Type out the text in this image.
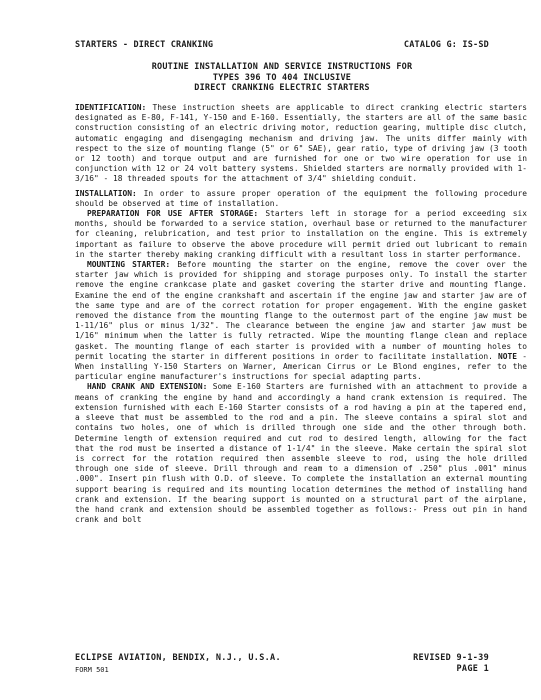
STARTERS - DIRECT CRANKING	CATALOG G: IS-SD
ROUTINE INSTALLATION AND SERVICE INSTRUCTIONS FOR
TYPES 396 TO 404 INCLUSIVE
DIRECT CRANKING ELECTRIC STARTERS

IDENTIFICATION: These instruction sheets are applicable to direct cranking electric starters designated as E-80, F-141, Y-150 and E-160. Essentially, the starters are all of the same basic construction consisting of an electric driving motor, reduction gearing, multiple disc clutch, automatic engaging and disengaging mechanism and driving jaw. The units differ mainly with respect to the size of mounting flange (5" or 6" SAE), gear ratio, type of driving jaw (3 tooth or 12 tooth) and torque output and are furnished for one or two wire operation for use in conjunction with 12 or 24 volt battery systems. Shielded starters are normally provided with 1-3/16" - 18 threaded spouts for the attachment of 3/4" shielding conduit.

INSTALLATION: In order to assure proper operation of the equipment the following procedure should be observed at time of installation.

PREPARATION FOR USE AFTER STORAGE: Starters left in storage for a period exceeding six months, should be forwarded to a service station, overhaul base or returned to the manufacturer for cleaning, relubrication, and test prior to installation on the engine. This is extremely important as failure to observe the above procedure will permit dried out lubricant to remain in the starter thereby making cranking difficult with a resultant loss in starter performance.

MOUNTING STARTER: Before mounting the starter on the engine, remove the cover over the starter jaw which is provided for shipping and storage purposes only. To install the starter remove the engine crankcase plate and gasket covering the starter drive and mounting flange. Examine the end of the engine crankshaft and ascertain if the engine jaw and starter jaw are of the same type and are of the correct rotation for proper engagement. With the engine gasket removed the distance from the mounting flange to the outermost part of the engine jaw must be 1-11/16" plus or minus 1/32". The clearance between the engine jaw and starter jaw must be 1/16" minimum when the latter is fully retracted. Wipe the mounting flange clean and replace gasket. The mounting flange of each starter is provided with a number of mounting holes to permit locating the starter in different positions in order to facilitate installation. NOTE - When installing Y-150 Starters on Warner, American Cirrus or Le Blond engines, refer to the particular engine manufacturer's instructions for special adapting parts.

HAND CRANK AND EXTENSION: Some E-160 Starters are furnished with an attachment to provide a means of cranking the engine by hand and accordingly a hand crank extension is required. The extension furnished with each E-160 Starter consists of a rod having a pin at the tapered end, a sleeve that must be assembled to the rod and a pin. The sleeve contains a spiral slot and contains two holes, one of which is drilled through one side and the other through both. Determine length of extension required and cut rod to desired length, allowing for the fact that the rod must be inserted a distance of 1-1/4" in the sleeve. Make certain the spiral slot is correct for the rotation required then assemble sleeve to rod, using the hole drilled through one side of sleeve. Drill through and ream to a dimension of .250" plus .001" minus .000". Insert pin flush with O.D. of sleeve. To complete the installation an external mounting support bearing is required and its mounting location determines the method of installing hand crank and extension. If the bearing support is mounted on a structural part of the airplane, the hand crank and extension should be assembled together as follows:- Press out pin in hand crank and bolt

ECLIPSE AVIATION, BENDIX, N.J., U.S.A.
FORM 501
REVISED 9-1-39
PAGE 1
